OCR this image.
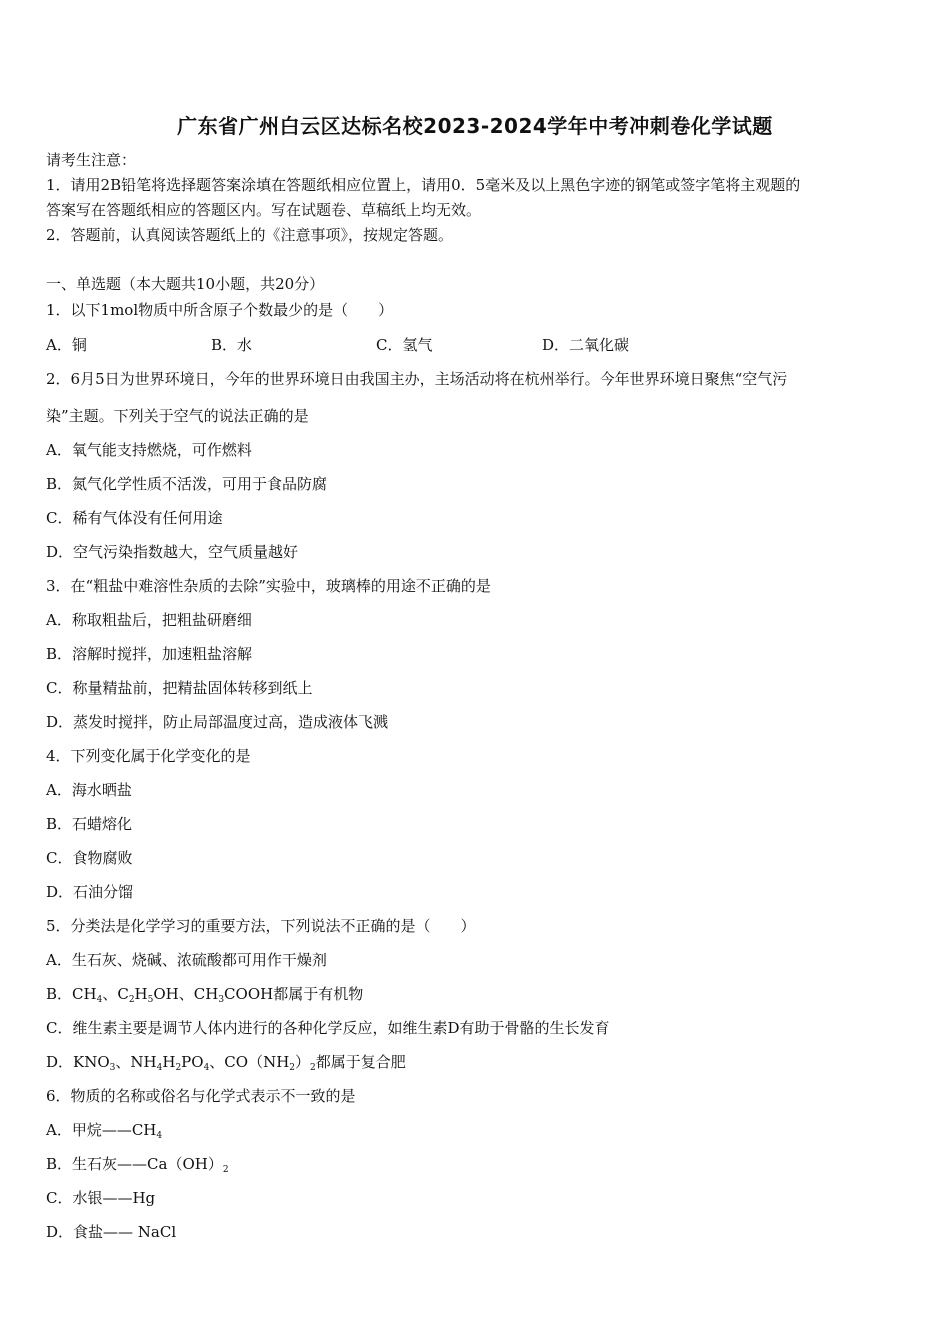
广东省广州白云区达标名校2023-2024学年中考冲刺卷化学试题
请考生注意：
1．请用2B铅笔将选择题答案涂填在答题纸相应位置上，请用0．5毫米及以上黑色字迹的钢笔或签字笔将主观题的
答案写在答题纸相应的答题区内。写在试题卷、草稿纸上均无效。
2．答题前，认真阅读答题纸上的《注意事项》，按规定答题。
一、单选题（本大题共10小题，共20分）
1．以下1mol物质中所含原子个数最少的是（　　）
A．铜	B．水	C．氢气	D．二氧化碳
2．6月5日为世界环境日，今年的世界环境日由我国主办，主场活动将在杭州举行。今年世界环境日聚焦“空气污
染”主题。下列关于空气的说法正确的是
A．氧气能支持燃烧，可作燃料
B．氮气化学性质不活泼，可用于食品防腐
C．稀有气体没有任何用途
D．空气污染指数越大，空气质量越好
3．在“粗盐中难溶性杂质的去除”实验中，玻璃棒的用途不正确的是
A．称取粗盐后，把粗盐研磨细
B．溶解时搅拌，加速粗盐溶解
C．称量精盐前，把精盐固体转移到纸上
D．蒸发时搅拌，防止局部温度过高，造成液体飞溅
4．下列变化属于化学变化的是
A．海水晒盐
B．石蜡熔化
C．食物腐败
D．石油分馏
5．分类法是化学学习的重要方法，下列说法不正确的是（　　）
A．生石灰、烧碱、浓硫酸都可用作干燥剂
B．$CH_4$、$C_2H_5OH$、$CH_3COOH$都属于有机物
C．维生素主要是调节人体内进行的各种化学反应，如维生素D有助于骨骼的生长发育
D．$KNO_3$、$NH_4H_2PO_4$、$CO(NH_2)_2$都属于复合肥
6．物质的名称或俗名与化学式表示不一致的是
A．甲烷$——CH_4$
B．生石灰$——Ca(OH)_2$
C．水银——Hg
D．食盐—— NaCl
